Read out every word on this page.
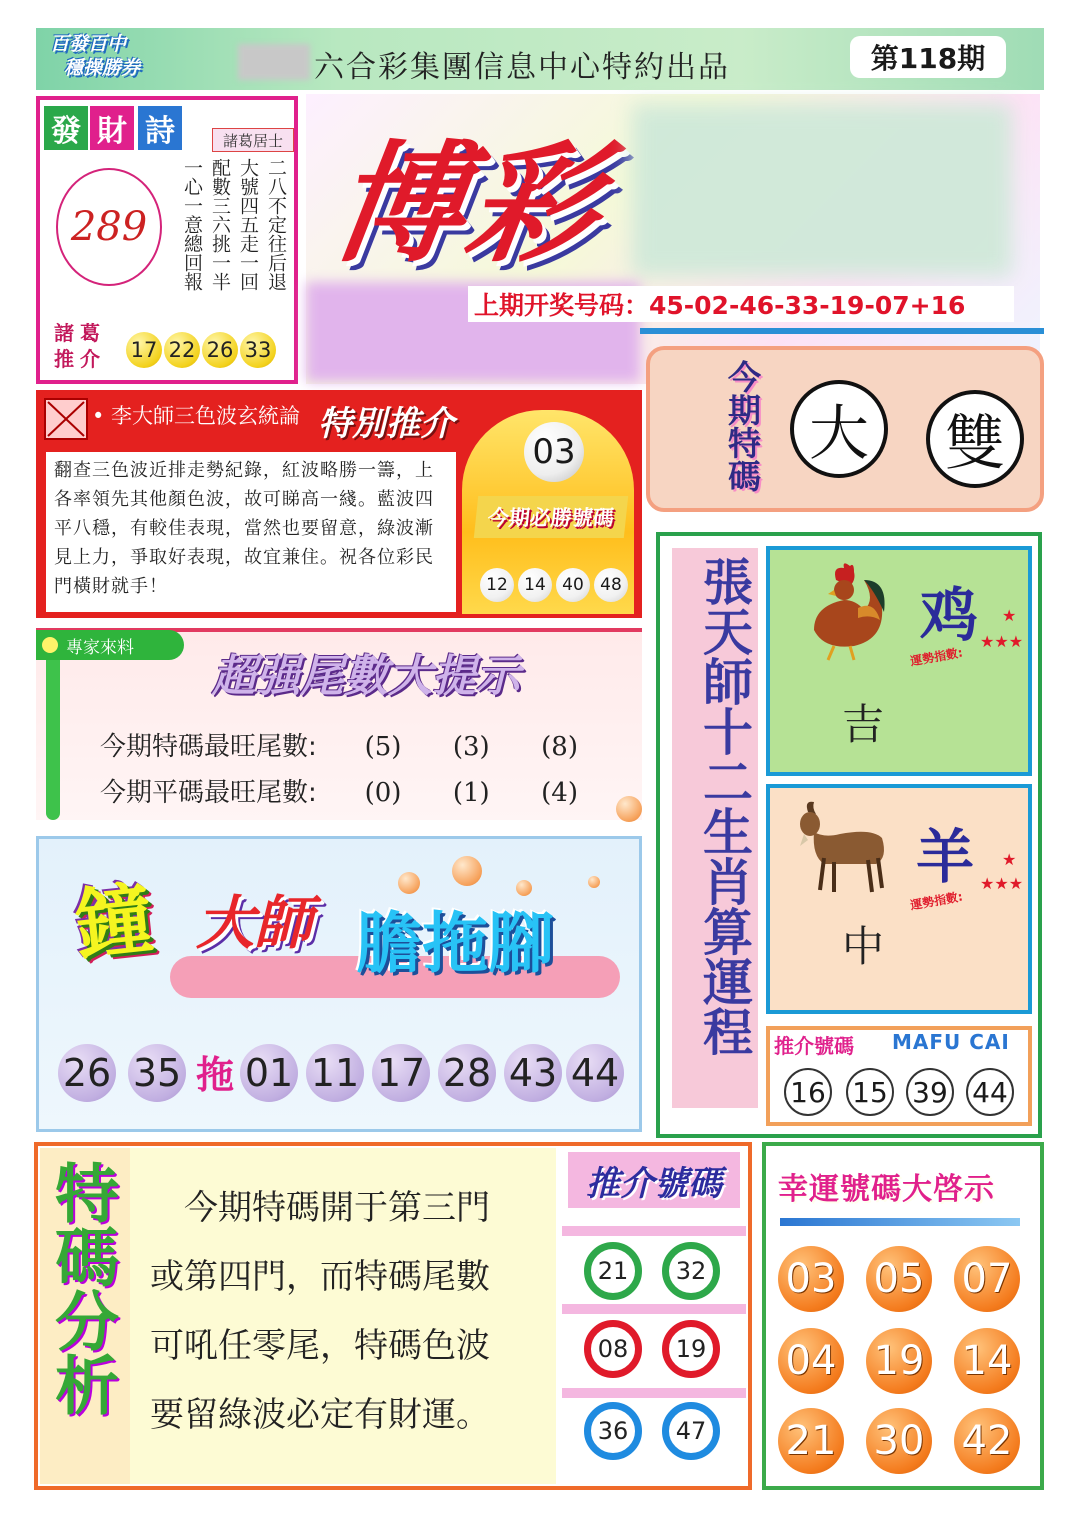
百發百中
穩操勝券	六合彩集團信息中心特約出品	第118期
發 財 詩	諸葛居士
289	二八不定往后退
大號四五走一回
配數三六挑一半
一心一意總回報
諸葛推介 17 22 26 33
博彩
上期开奖号码：45-02-46-33-19-07+16
今期特碼 大	雙
• 李大師三色波玄統論 特別推介
翻查三色波近排走勢紀錄，紅波略勝一籌，上各率領先其他顏色波，故可睇高一綫。藍波四平八穩，有較佳表現，當然也要留意，綠波漸見上力，爭取好表現，故宜兼住。祝各位彩民門橫財就手！
03
今期必勝號碼
12 14 40 48
專家來料
超强尾數大提示
今期特碼最旺尾數: (5) (3) (8)
今期平碼最旺尾數: (0) (1) (4)
鐘 大師 膽拖腳
26 35 拖 01 11 17 28 43 44
張天師十二生肖算運程	鸡
運勢指數:
★★★
★
吉
羊
運勢指數:
★★★
★
中
推介號碼 MAFU CAI
16 15 39 44
特碼分析	今期特碼開于第三門
或第四門，而特碼尾數
可吼任零尾，特碼色波
要留綠波必定有財運。
推介號碼
21	32
08	19
36	47
幸運號碼大啓示
03 05 07
04 19 14
21 30 42
